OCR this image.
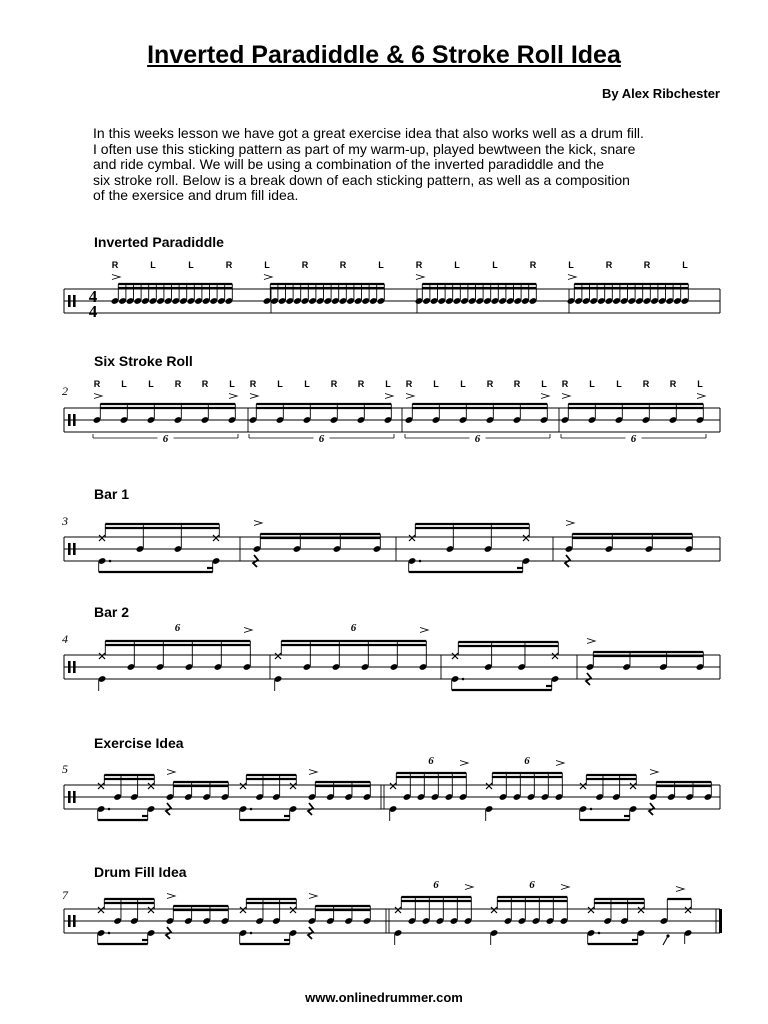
Inverted Paradiddle & 6 Stroke Roll Idea

By Alex Ribchester

In this weeks lesson we have got a great exercise idea that also works well as a drum fill.
I often use this sticking pattern as part of my warm-up, played bewtween the kick, snare
and ride cymbal. We will be using a combination of the inverted paradiddle and the
six stroke roll. Below is a break down of each sticking pattern, as well as a composition
of the exersice and drum fill idea.

Inverted Paradiddle

Six Stroke Roll

Bar 1

Bar 2

Exercise Idea

Drum Fill Idea

2

3

4

5

7

4
4
R L L R R L
6
R L L R R L
6
R L L R R L
6
R L L R R L
6
6	6
6	6
6	6
R	L	L	R	L	R	R	L	R	L	L	R	L	R	R	L

www.onlinedrummer.com
